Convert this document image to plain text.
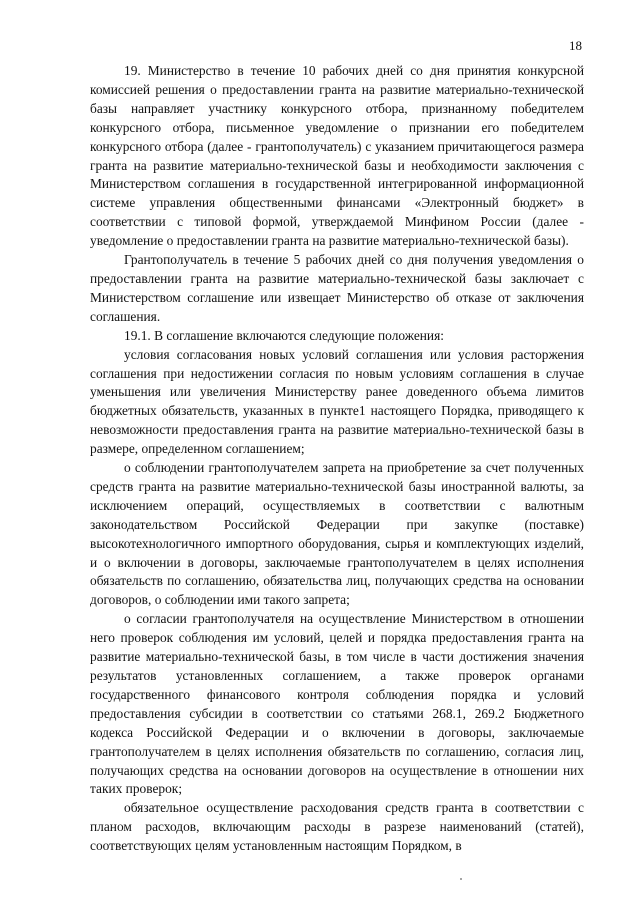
18

19. Министерство в течение 10 рабочих дней со дня принятия конкурсной комиссией решения о предоставлении гранта на развитие материально-технической базы направляет участнику конкурсного отбора, признанному победителем конкурсного отбора, письменное уведомление о признании его победителем конкурсного отбора (далее - грантополучатель) с указанием причитающегося размера гранта на развитие материально-технической базы и необходимости заключения с Министерством соглашения в государственной интегрированной информационной системе управления общественными финансами «Электронный бюджет» в соответствии с типовой формой, утверждаемой Минфином России (далее - уведомление о предоставлении гранта на развитие материально-технической базы).

Грантополучатель в течение 5 рабочих дней со дня получения уведомления о предоставлении гранта на развитие материально-технической базы заключает с Министерством соглашение или извещает Министерство об отказе от заключения соглашения.

19.1. В соглашение включаются следующие положения:

условия согласования новых условий соглашения или условия расторжения соглашения при недостижении согласия по новым условиям соглашения в случае уменьшения или увеличения Министерству ранее доведенного объема лимитов бюджетных обязательств, указанных в пункте1 настоящего Порядка, приводящего к невозможности предоставления гранта на развитие материально-технической базы в размере, определенном соглашением;

о соблюдении грантополучателем запрета на приобретение за счет полученных средств гранта на развитие материально-технической базы иностранной валюты, за исключением операций, осуществляемых в соответствии с валютным законодательством Российской Федерации при закупке (поставке) высокотехнологичного импортного оборудования, сырья и комплектующих изделий, и о включении в договоры, заключаемые грантополучателем в целях исполнения обязательств по соглашению, обязательства лиц, получающих средства на основании договоров, о соблюдении ими такого запрета;

о согласии грантополучателя на осуществление Министерством в отношении него проверок соблюдения им условий, целей и порядка предоставления гранта на развитие материально-технической базы, в том числе в части достижения значения результатов установленных соглашением, а также проверок органами государственного финансового контроля соблюдения порядка и условий предоставления субсидии в соответствии со статьями 268.1, 269.2 Бюджетного кодекса Российской Федерации и о включении в договоры, заключаемые грантополучателем в целях исполнения обязательств по соглашению, согласия лиц, получающих средства на основании договоров на осуществление в отношении них таких проверок;

обязательное осуществление расходования средств гранта в соответствии с планом расходов, включающим расходы в разрезе наименований (статей), соответствующих целям установленным настоящим Порядком, в
